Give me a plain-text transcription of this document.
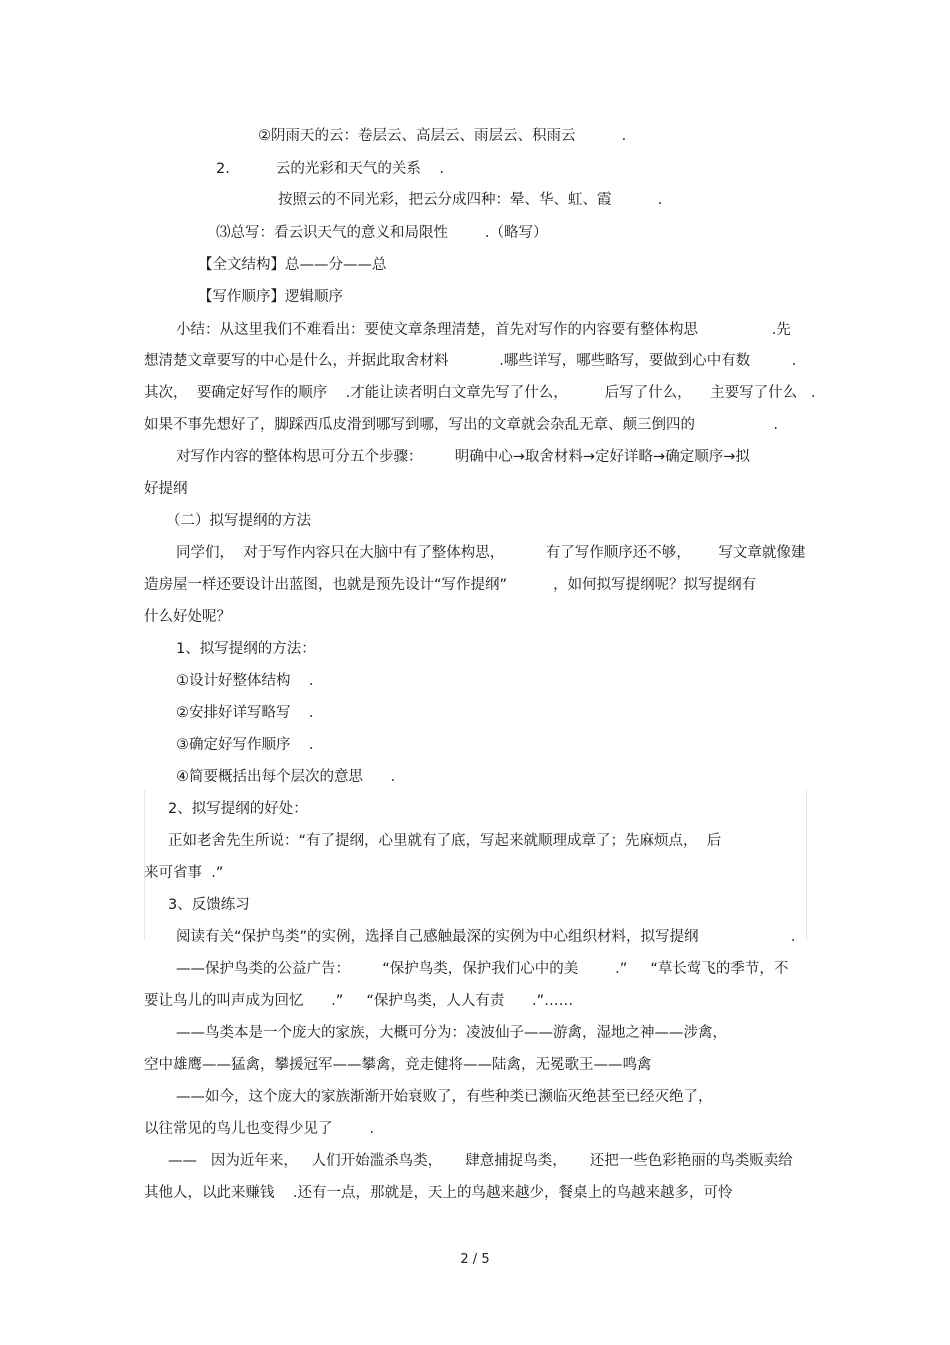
②阴雨天的云：卷层云、高层云、雨层云、积雨云          .
2.          云的光彩和天气的关系    .
按照云的不同光彩，把云分成四种：晕、华、虹、霞          .
⑶总写：看云识天气的意义和局限性        .（略写）
【全文结构】总——分——总
【写作顺序】逻辑顺序
小结：从这里我们不难看出：要使文章条理清楚，首先对写作的内容要有整体构思                .先
想清楚文章要写的中心是什么，并据此取舍材料           .哪些详写，哪些略写，要做到心中有数         .
其次，  要确定好写作的顺序    .才能让读者明白文章先写了什么，        后写了什么，    主要写了什么   .
如果不事先想好了，脚踩西瓜皮滑到哪写到哪，写出的文章就会杂乱无章、颠三倒四的                 .
对写作内容的整体构思可分五个步骤：       明确中心→取舍材料→定好详略→确定顺序→拟
好提纲
（二）拟写提纲的方法
同学们，  对于写作内容只在大脑中有了整体构思，         有了写作顺序还不够，      写文章就像建
造房屋一样还要设计出蓝图，也就是预先设计“写作提纲”          ，如何拟写提纲呢？拟写提纲有
什么好处呢？
1、拟写提纲的方法：
①设计好整体结构    .
②安排好详写略写    .
③确定好写作顺序    .
④简要概括出每个层次的意思      .
2、拟写提纲的好处：
正如老舍先生所说：“有了提纲，心里就有了底，写起来就顺理成章了；先麻烦点，  后
来可省事  .”
3、反馈练习
阅读有关“保护鸟类”的实例，选择自己感触最深的实例为中心组织材料，拟写提纲                    .
——保护鸟类的公益广告：       “保护鸟类，保护我们心中的美        .”     “草长莺飞的季节，不
要让鸟儿的叫声成为回忆      .”     “保护鸟类，人人有责      .”……
——鸟类本是一个庞大的家族，大概可分为：凌波仙子——游禽，湿地之神——涉禽，
空中雄鹰——猛禽，攀援冠军——攀禽，竞走健将——陆禽，无冕歌王——鸣禽
——如今，这个庞大的家族渐渐开始衰败了，有些种类已濒临灭绝甚至已经灭绝了，
以往常见的鸟儿也变得少见了        .
——   因为近年来，   人们开始滥杀鸟类，     肆意捕捉鸟类，     还把一些色彩艳丽的鸟类贩卖给
其他人，以此来赚钱    .还有一点，那就是，天上的鸟越来越少，餐桌上的鸟越来越多，可怜
2 / 5
